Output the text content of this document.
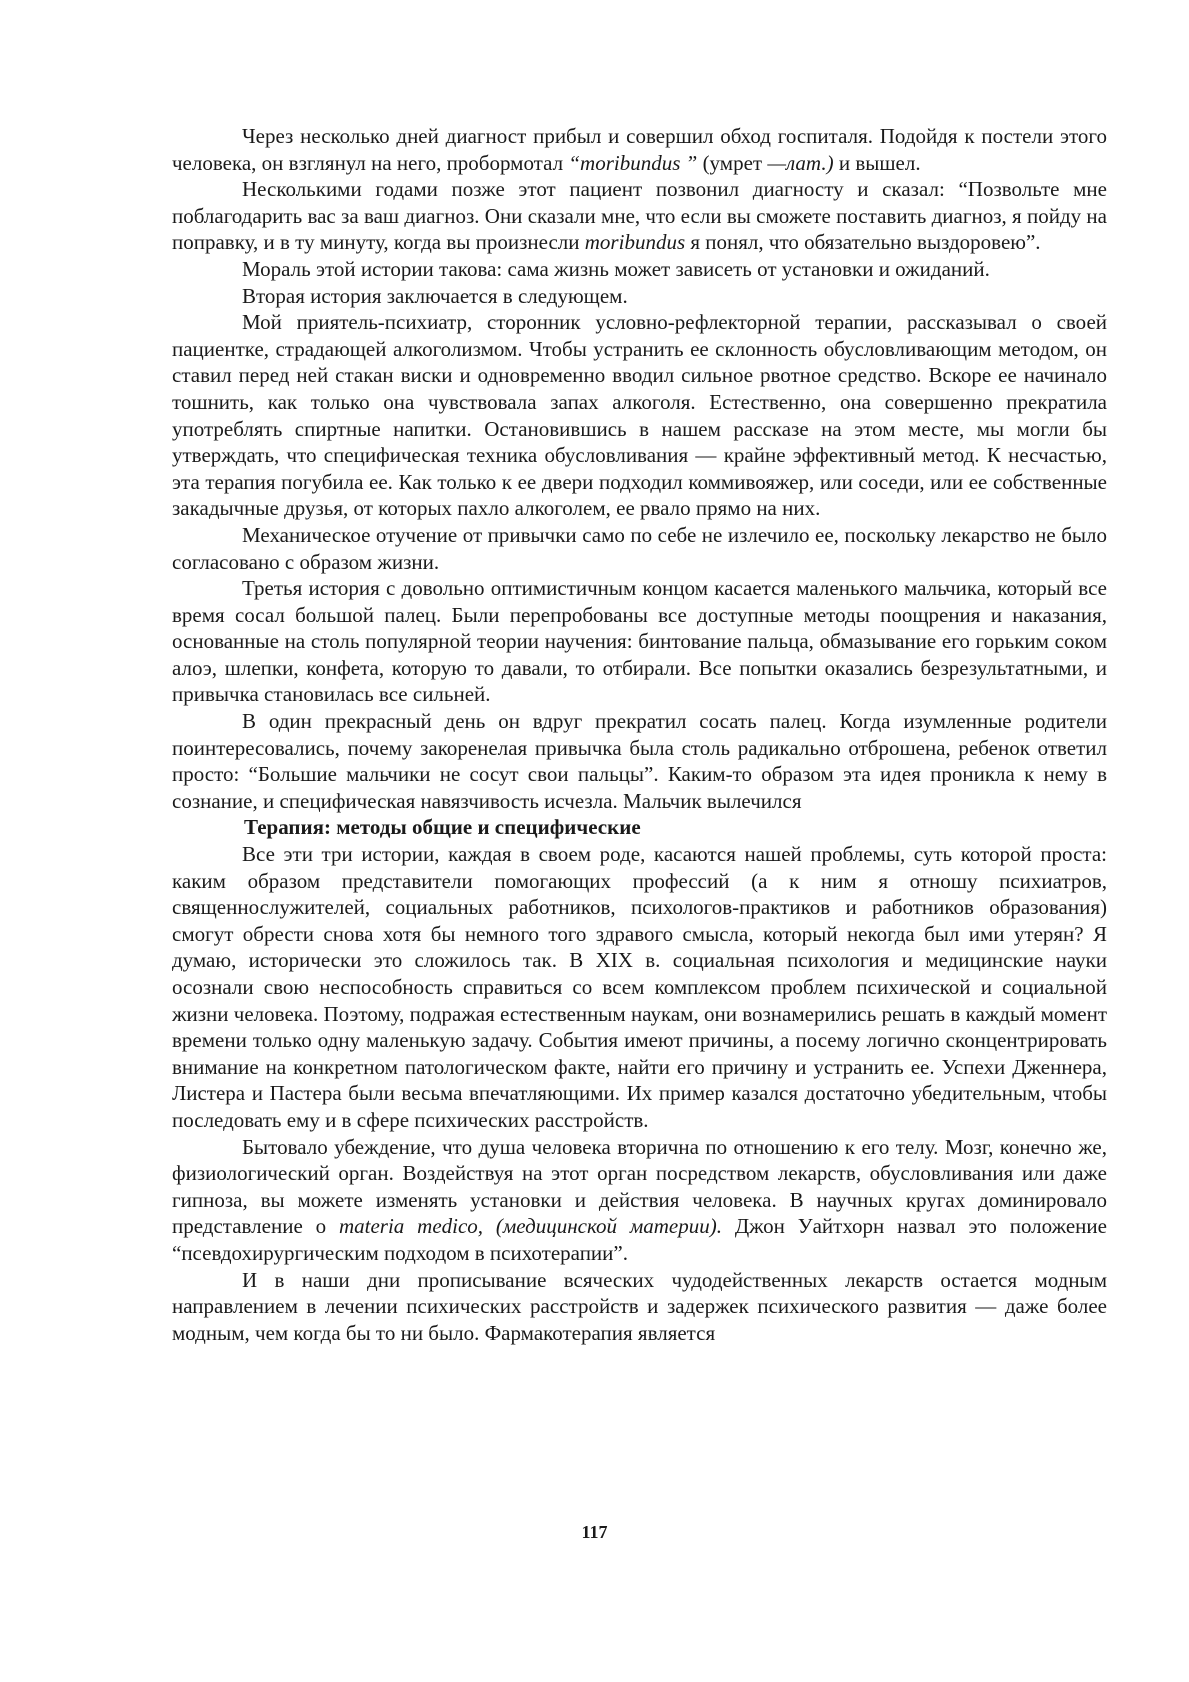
Через несколько дней диагност прибыл и совершил обход госпиталя. Подойдя к постели этого человека, он взглянул на него, пробормотал “moribundus ” (умрет —лат.) и вышел.

Несколькими годами позже этот пациент позвонил диагносту и сказал: “Позвольте мне поблагодарить вас за ваш диагноз. Они сказали мне, что если вы сможете поставить диагноз, я пойду на поправку, и в ту минуту, когда вы произнесли moribundus я понял, что обязательно выздоровею”.

Мораль этой истории такова: сама жизнь может зависеть от установки и ожиданий.

Вторая история заключается в следующем.

Мой приятель-психиатр, сторонник условно-рефлекторной терапии, рассказывал о своей пациентке, страдающей алкоголизмом. Чтобы устранить ее склонность обусловливающим методом, он ставил перед ней стакан виски и одновременно вводил сильное рвотное средство. Вскоре ее начинало тошнить, как только она чувствовала запах алкоголя. Естественно, она совершенно прекратила употреблять спиртные напитки. Остановившись в нашем рассказе на этом месте, мы могли бы утверждать, что специфическая техника обусловливания — крайне эффективный метод. К несчастью, эта терапия погубила ее. Как только к ее двери подходил коммивояжер, или соседи, или ее собственные закадычные друзья, от которых пахло алкоголем, ее рвало прямо на них.

Механическое отучение от привычки само по себе не излечило ее, поскольку лекарство не было согласовано с образом жизни.

Третья история с довольно оптимистичным концом касается маленького мальчика, который все время сосал большой палец. Были перепробованы все доступные методы поощрения и наказания, основанные на столь популярной теории научения: бинтование пальца, обмазывание его горьким соком алоэ, шлепки, конфета, которую то давали, то отбирали. Все попытки оказались безрезультатными, и привычка становилась все сильней.

В один прекрасный день он вдруг прекратил сосать палец. Когда изумленные родители поинтересовались, почему закоренелая привычка была столь радикально отброшена, ребенок ответил просто: “Большие мальчики не сосут свои пальцы”. Каким-то образом эта идея проникла к нему в сознание, и специфическая навязчивость исчезла. Мальчик вылечился

Терапия: методы общие и специфические

Все эти три истории, каждая в своем роде, касаются нашей проблемы, суть которой проста: каким образом представители помогающих профессий (а к ним я отношу психиатров, священнослужителей, социальных работников, психологов-практиков и работников образования) смогут обрести снова хотя бы немного того здравого смысла, который некогда был ими утерян? Я думаю, исторически это сложилось так. В XIX в. социальная психология и медицинские науки осознали свою неспособность справиться со всем комплексом проблем психической и социальной жизни человека. Поэтому, подражая естественным наукам, они вознамерились решать в каждый момент времени только одну маленькую задачу. События имеют причины, а посему логично сконцентрировать внимание на конкретном патологическом факте, найти его причину и устранить ее. Успехи Дженнера, Листера и Пастера были весьма впечатляющими. Их пример казался достаточно убедительным, чтобы последовать ему и в сфере психических расстройств.

Бытовало убеждение, что душа человека вторична по отношению к его телу. Мозг, конечно же, физиологический орган. Воздействуя на этот орган посредством лекарств, обусловливания или даже гипноза, вы можете изменять установки и действия человека. В научных кругах доминировало представление о materia medico, (медицинской материи). Джон Уайтхорн назвал это положение “псевдохирургическим подходом в психотерапии”.

И в наши дни прописывание всяческих чудодейственных лекарств остается модным направлением в лечении психических расстройств и задержек психического развития — даже более модным, чем когда бы то ни было. Фармакотерапия является

117
